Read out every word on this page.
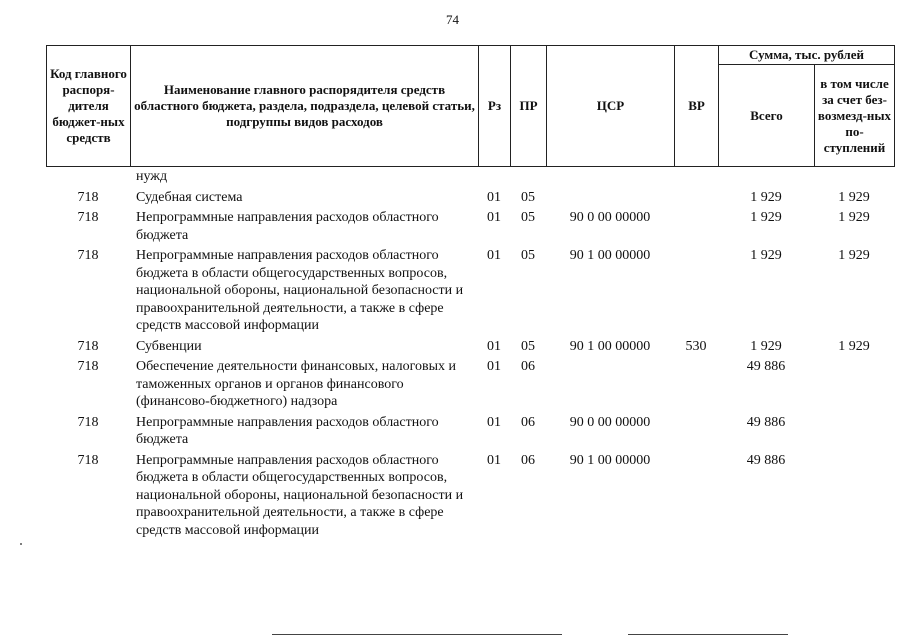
74
Код главного распоря-дителя бюджет-ных средств	Наименование главного распорядителя средств областного бюджета, раздела, подраздела, целевой статьи, подгруппы видов расходов	Рз	ПР	ЦСР	ВР	Сумма, тыс. рублей	
						Всего	в том числе за счет без-возмезд-ных по-ступлений
	нужд						
718	Судебная система	01	05			1 929	1 929
718	Непрограммные направления расходов областного бюджета	01	05	90 0 00 00000		1 929	1 929
718	Непрограммные направления расходов областного бюджета в области общегосударственных вопросов, национальной обороны, национальной безопасности и правоохранительной деятельности, а также в сфере средств массовой информации	01	05	90 1 00 00000		1 929	1 929
718	Субвенции	01	05	90 1 00 00000	530	1 929	1 929
718	Обеспечение деятельности финансовых, налоговых и таможенных органов и органов финансового (финансово-бюджетного) надзора	01	06			49 886	
718	Непрограммные направления расходов областного бюджета	01	06	90 0 00 00000		49 886	
718	Непрограммные направления расходов областного бюджета в области общегосударственных вопросов, национальной обороны, национальной безопасности и правоохранительной деятельности, а также в сфере средств массовой информации	01	06	90 1 00 00000		49 886	
